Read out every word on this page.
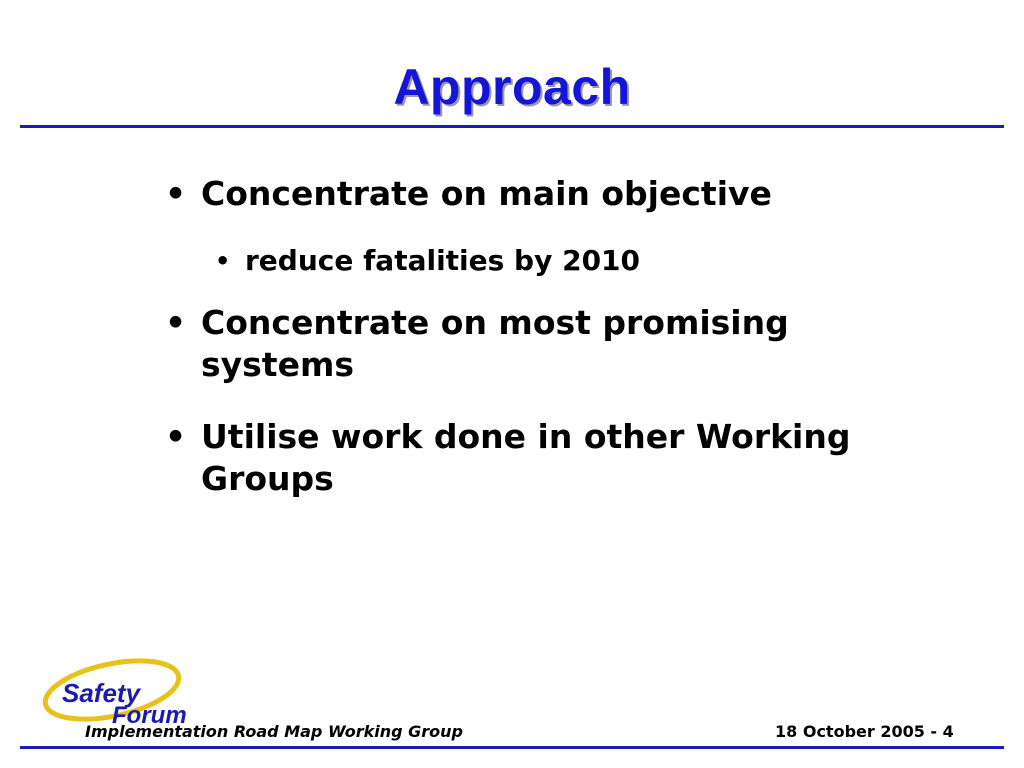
Approach
• Concentrate on main objective
• reduce fatalities by 2010
• Concentrate on most promising systems
• Utilise work done in other Working Groups
Safety
Forum
Implementation Road Map Working Group	18 October 2005 - 4
